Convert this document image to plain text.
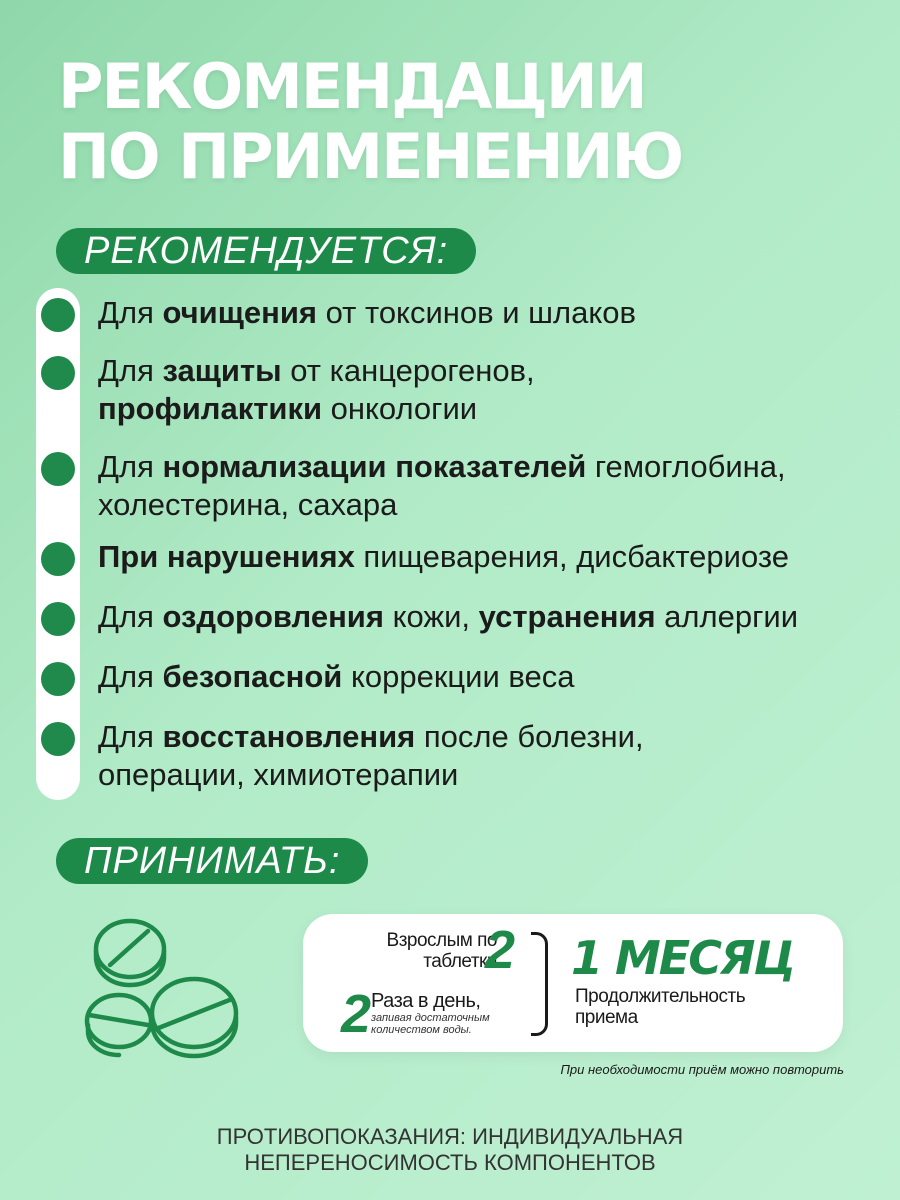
РЕКОМЕНДАЦИИ
ПО ПРИМЕНЕНИЮ
РЕКОМЕНДУЕТСЯ:
Для очищения от токсинов и шлаков
Для защиты от канцерогенов,
профилактики онкологии
Для нормализации показателей гемоглобина,
холестерина, сахара
При нарушениях пищеварения, дисбактериозе
Для оздоровления кожи, устранения аллергии
Для безопасной коррекции веса
Для восстановления после болезни,
операции, химиотерапии
ПРИНИМАТЬ:
Взрослым по
таблетки
2
2 Раза в день,
запивая достаточным
количеством воды.
1 МЕСЯЦ
Продолжительность
приема
При необходимости приём можно повторить
ПРОТИВОПОКАЗАНИЯ: ИНДИВИДУАЛЬНАЯ
НЕПЕРЕНОСИМОСТЬ КОМПОНЕНТОВ
